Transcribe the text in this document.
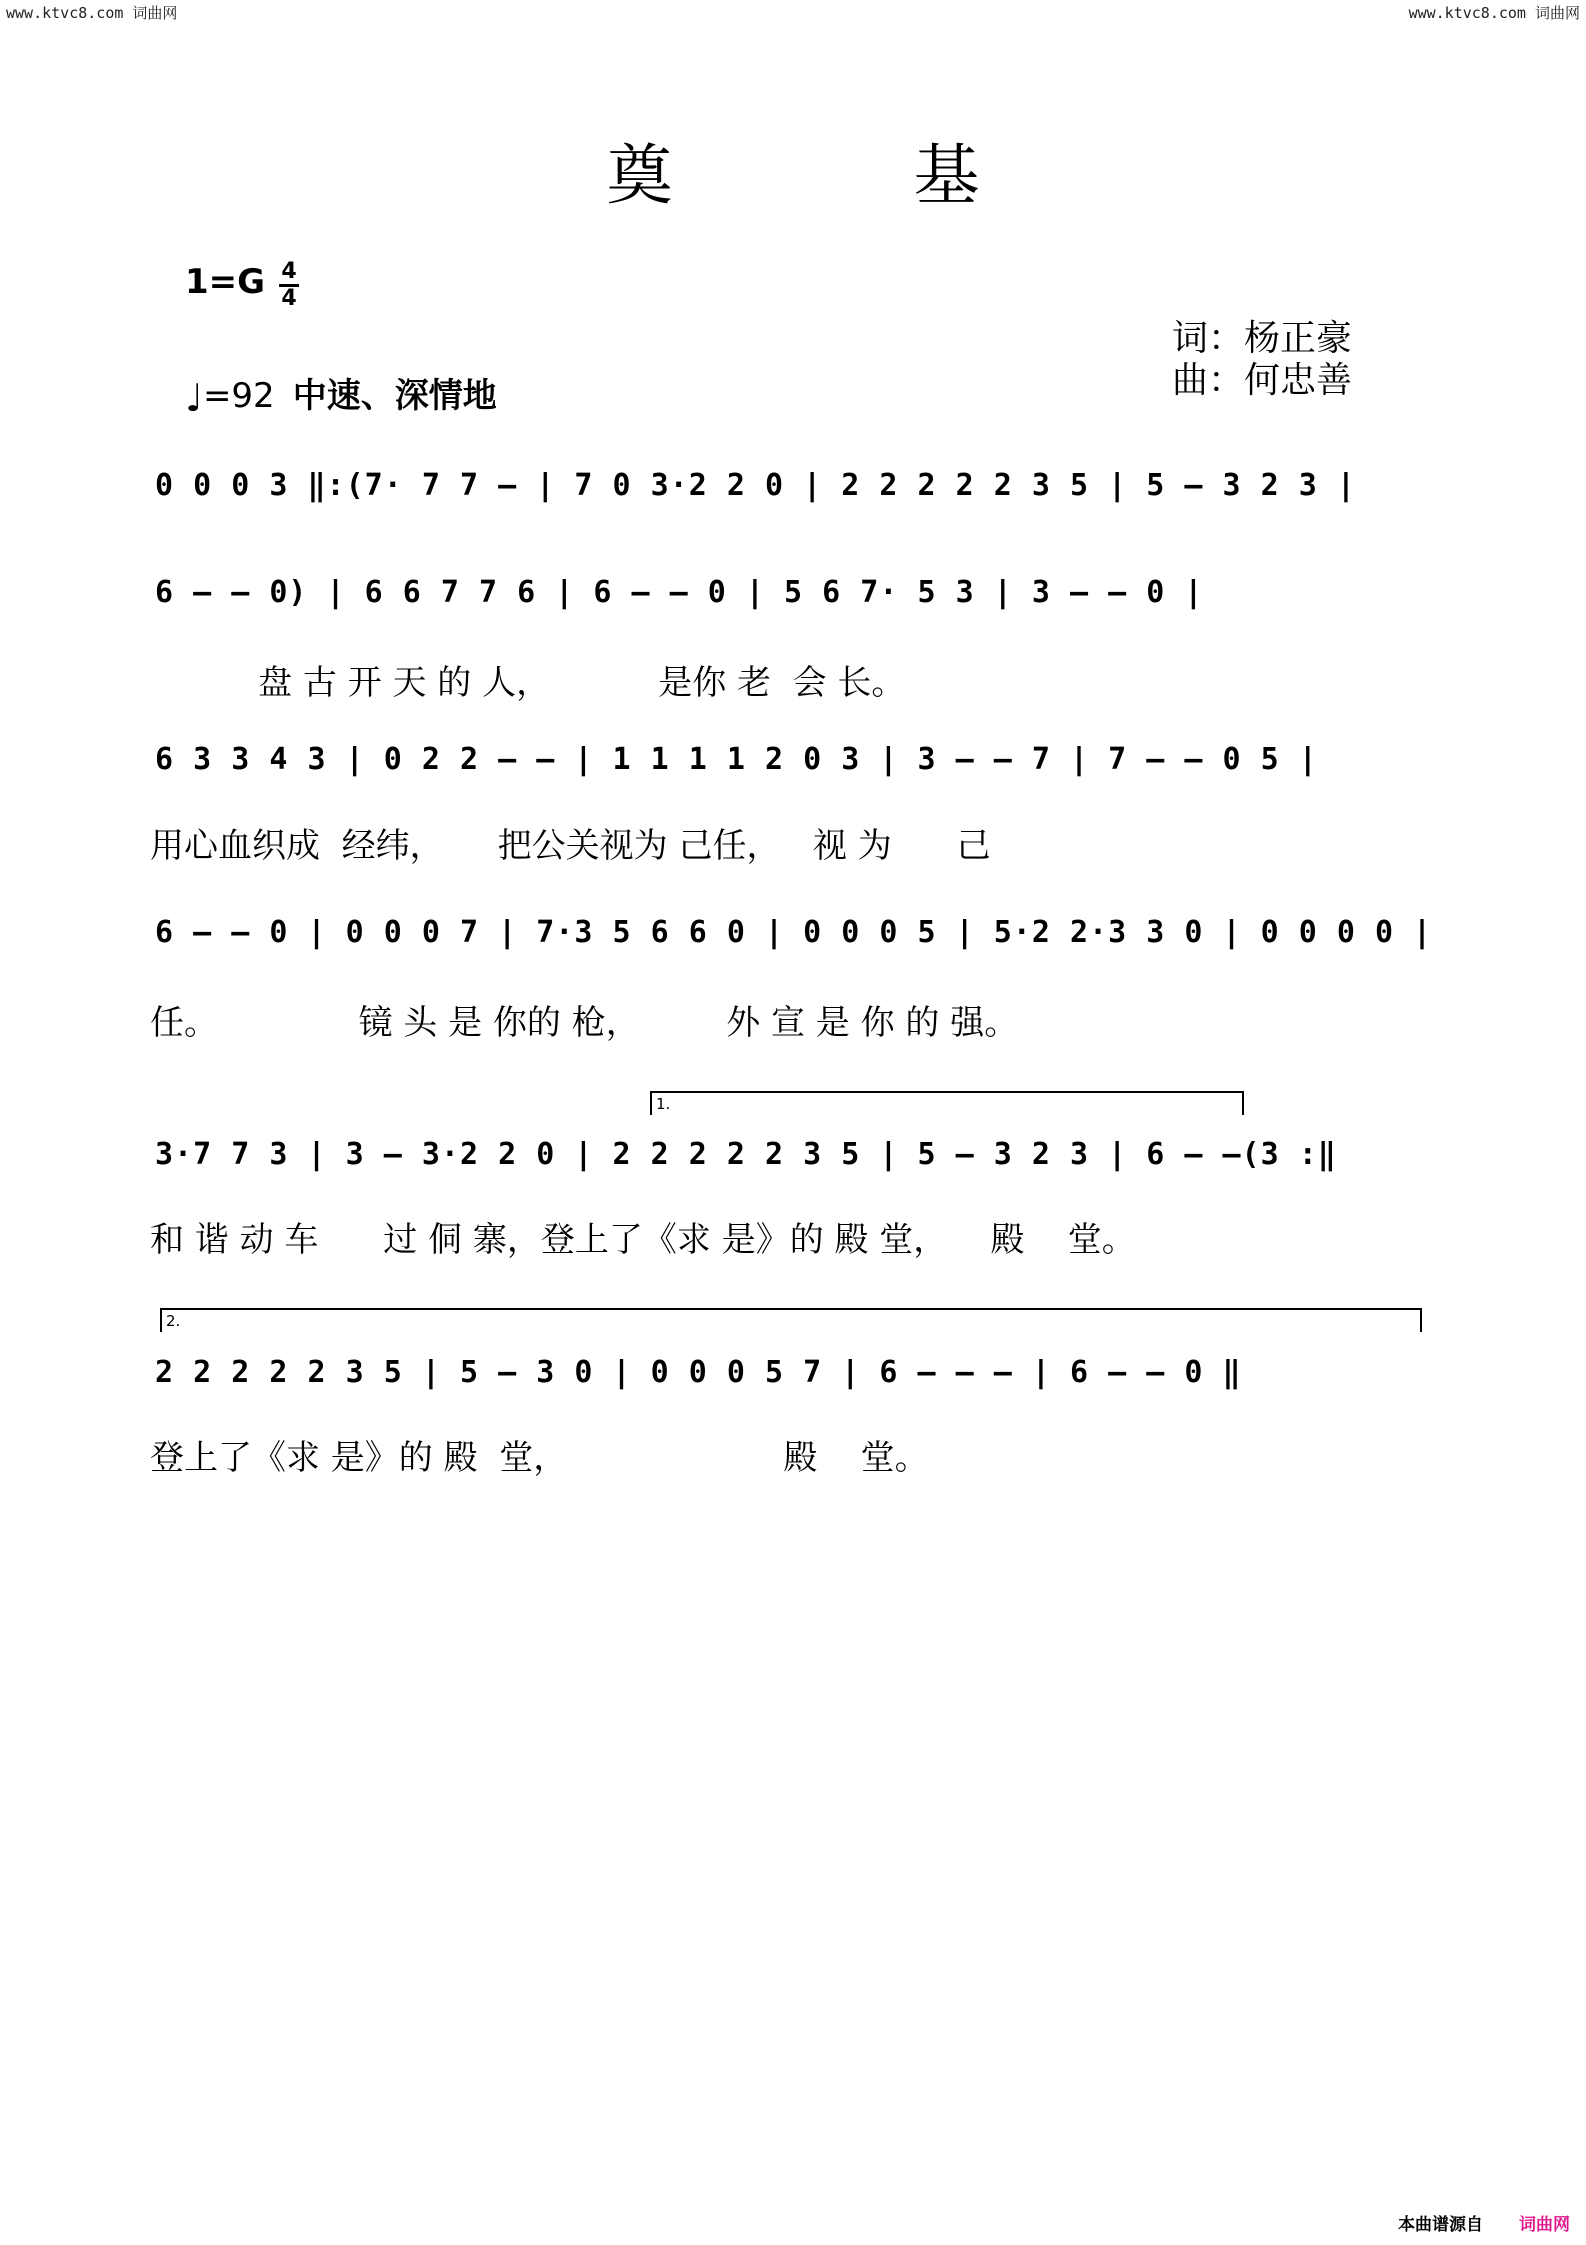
www.ktvc8.com 词曲网	www.ktvc8.com 词曲网
奠 基
1=G 4
4
♩=92 中速、深情地
词：杨正豪
曲：何忠善
0 0 0 3 ‖:(7· 7 7 – | 7 0 3·2 2 0 | 2 2 2 2 2 3 5 | 5 – 3 2 3 |
6 – – 0) | 6 6 7 7 6 | 6 – – 0 | 5 6 7· 5 3 | 3 – – 0 |
盘 古 开 天 的 人，          是你 老  会 长。
6 3 3 4 3 | 0 2 2 – – | 1 1 1 1 2 0 3 | 3 – – 7 | 7 – – 0 5 |
用心血织成  经纬，     把公关视为 己任，   视 为      己
6 – – 0 | 0 0 0 7 | 7·3 5 6 6 0 | 0 0 0 5 | 5·2 2·3 3 0 | 0 0 0 0 |
任。             镜 头 是 你的 枪，        外 宣 是 你 的 强。
1.
3·7 7 3 | 3 – 3·2 2 0 | 2 2 2 2 2 3 5 | 5 – 3 2 3 | 6 – –(3 :‖
和 谐 动 车      过 侗 寨，登上了《求 是》的 殿 堂，    殿    堂。
2.
2 2 2 2 2 3 5 | 5 – 3 0 | 0 0 0 5 7 | 6 – – – | 6 – – 0 ‖
登上了《求 是》的 殿  堂，                    殿    堂。
本曲谱源自 词曲网
